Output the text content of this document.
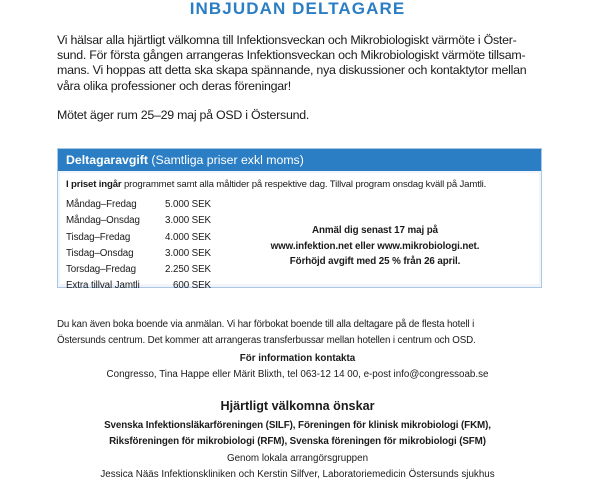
INBJUDAN DELTAGARE
Vi hälsar alla hjärtligt välkomna till Infektionsveckan och Mikrobiologiskt värmöte i Öster-
sund. För första gången arrangeras Infektionsveckan och Mikrobiologiskt värmöte tillsam-
mans. Vi hoppas att detta ska skapa spännande, nya diskussioner och kontaktytor mellan
våra olika professioner och deras föreningar!
Mötet äger rum 25–29 maj på OSD i Östersund.
Deltagaravgift (Samtliga priser exkl moms)
I priset ingår programmet samt alla måltider på respektive dag. Tillval program onsdag kväll på Jamtli.
Måndag–Fredag	5.000 SEK
Måndag–Onsdag	3.000 SEK
Tisdag–Fredag	4.000 SEK
Tisdag–Onsdag	3.000 SEK
Torsdag–Fredag	2.250 SEK
Extra tillval Jamtli	600 SEK
Anmäl dig senast 17 maj på
www.infektion.net eller www.mikrobiologi.net.
Förhöjd avgift med 25 % från 26 april.
Du kan även boka boende via anmälan. Vi har förbokat boende till alla deltagare på de flesta hotell i
Östersunds centrum. Det kommer att arrangeras transferbussar mellan hotellen i centrum och OSD.
För information kontakta
Congresso, Tina Happe eller Märit Blixth, tel 063-12 14 00, e-post info@congressoab.se
Hjärtligt välkomna önskar
Svenska Infektionsläkarföreningen (SILF), Föreningen för klinisk mikrobiologi (FKM),
Riksföreningen för mikrobiologi (RFM), Svenska föreningen för mikrobiologi (SFM)
Genom lokala arrangörsgruppen
Jessica Nääs Infektionskliniken och Kerstin Silfver, Laboratoriemedicin Östersunds sjukhus
